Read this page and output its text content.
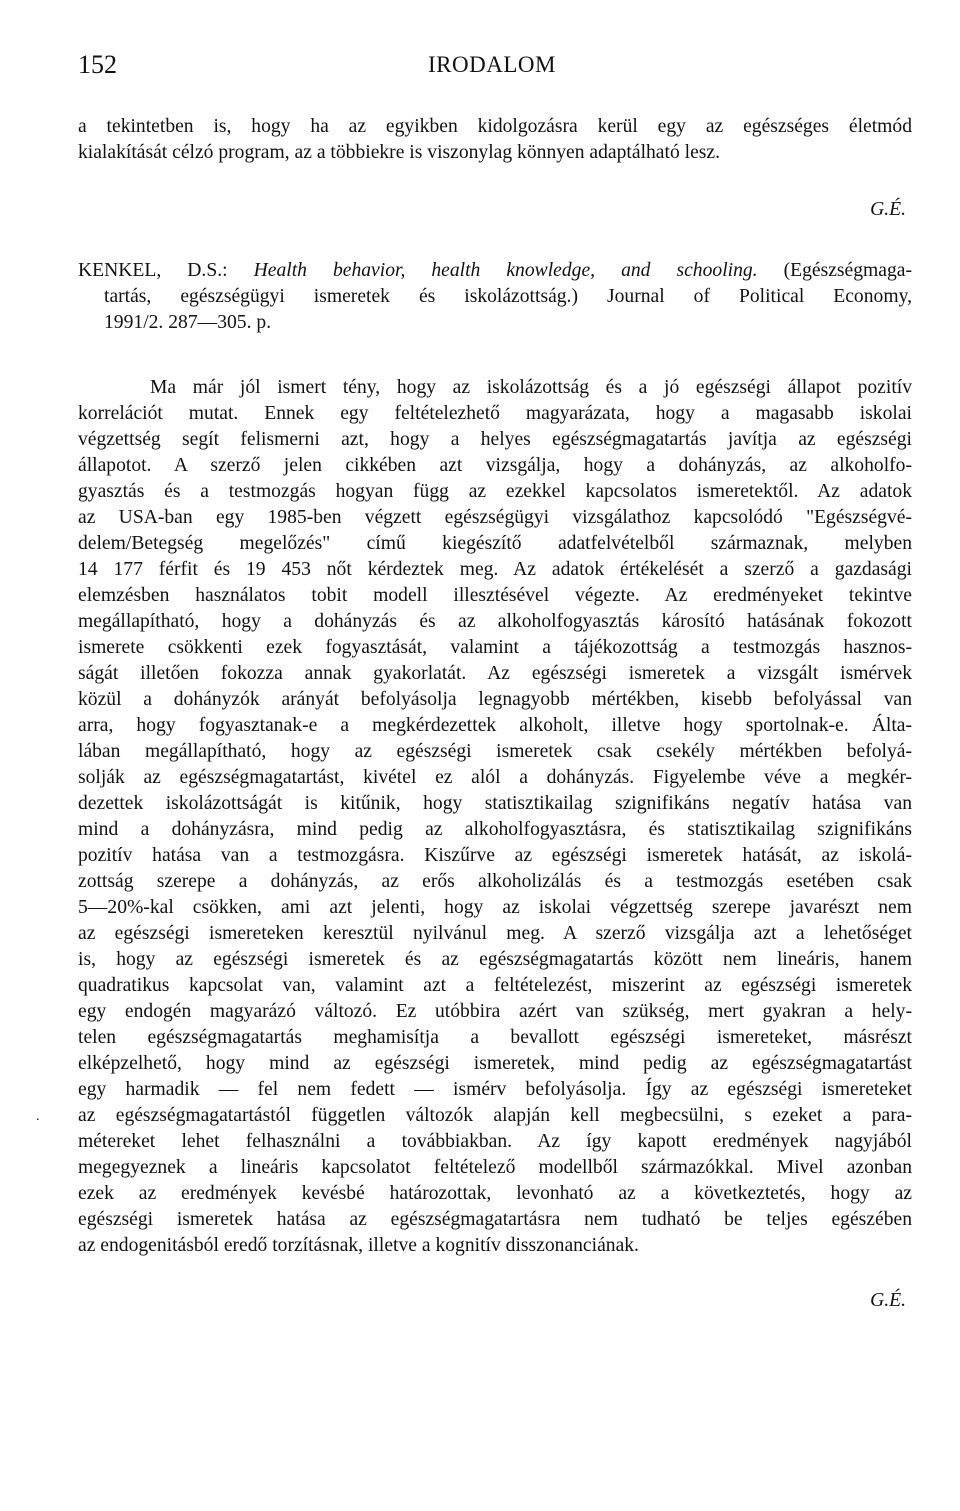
152	IRODALOM
a tekintetben is, hogy ha az egyikben kidolgozásra kerül egy az egészséges életmód
kialakítását célzó program, az a többiekre is viszonylag könnyen adaptálható lesz.
G.É.
KENKEL, D.S.: Health behavior, health knowledge, and schooling. (Egészségmaga-
tartás, egészségügyi ismeretek és iskolázottság.) Journal of Political Economy,
1991/2. 287—305. p.
Ma már jól ismert tény, hogy az iskolázottság és a jó egészségi állapot pozitív
korrelációt mutat. Ennek egy feltételezhető magyarázata, hogy a magasabb iskolai
végzettség segít felismerni azt, hogy a helyes egészségmagatartás javítja az egészségi
állapotot. A szerző jelen cikkében azt vizsgálja, hogy a dohányzás, az alkoholfo-
gyasztás és a testmozgás hogyan függ az ezekkel kapcsolatos ismeretektől. Az adatok
az USA-ban egy 1985-ben végzett egészségügyi vizsgálathoz kapcsolódó "Egészségvé-
delem/Betegség megelőzés" című kiegészítő adatfelvételből származnak, melyben
14 177 férfit és 19 453 nőt kérdeztek meg. Az adatok értékelését a szerző a gazdasági
elemzésben használatos tobit modell illesztésével végezte. Az eredményeket tekintve
megállapítható, hogy a dohányzás és az alkoholfogyasztás károsító hatásának fokozott
ismerete csökkenti ezek fogyasztását, valamint a tájékozottság a testmozgás hasznos-
ságát illetően fokozza annak gyakorlatát. Az egészségi ismeretek a vizsgált ismérvek
közül a dohányzók arányát befolyásolja legnagyobb mértékben, kisebb befolyással van
arra, hogy fogyasztanak-e a megkérdezettek alkoholt, illetve hogy sportolnak-e. Álta-
lában megállapítható, hogy az egészségi ismeretek csak csekély mértékben befolyá-
solják az egészségmagatartást, kivétel ez alól a dohányzás. Figyelembe véve a megkér-
dezettek iskolázottságát is kitűnik, hogy statisztikailag szignifikáns negatív hatása van
mind a dohányzásra, mind pedig az alkoholfogyasztásra, és statisztikailag szignifikáns
pozitív hatása van a testmozgásra. Kiszűrve az egészségi ismeretek hatását, az iskolá-
zottság szerepe a dohányzás, az erős alkoholizálás és a testmozgás esetében csak
5—20%-kal csökken, ami azt jelenti, hogy az iskolai végzettség szerepe javarészt nem
az egészségi ismereteken keresztül nyilvánul meg. A szerző vizsgálja azt a lehetőséget
is, hogy az egészségi ismeretek és az egészségmagatartás között nem lineáris, hanem
quadratikus kapcsolat van, valamint azt a feltételezést, miszerint az egészségi ismeretek
egy endogén magyarázó változó. Ez utóbbira azért van szükség, mert gyakran a hely-
telen egészségmagatartás meghamisítja a bevallott egészségi ismereteket, másrészt
elképzelhető, hogy mind az egészségi ismeretek, mind pedig az egészségmagatartást
egy harmadik — fel nem fedett — ismérv befolyásolja. Így az egészségi ismereteket
az egészségmagatartástól független változók alapján kell megbecsülni, s ezeket a para-
métereket lehet felhasználni a továbbiakban. Az így kapott eredmények nagyjából
megegyeznek a lineáris kapcsolatot feltételező modellből származókkal. Mivel azonban
ezek az eredmények kevésbé határozottak, levonható az a következtetés, hogy az
egészségi ismeretek hatása az egészségmagatartásra nem tudható be teljes egészében
az endogenitásból eredő torzításnak, illetve a kognitív disszonanciának.
G.É.
.
